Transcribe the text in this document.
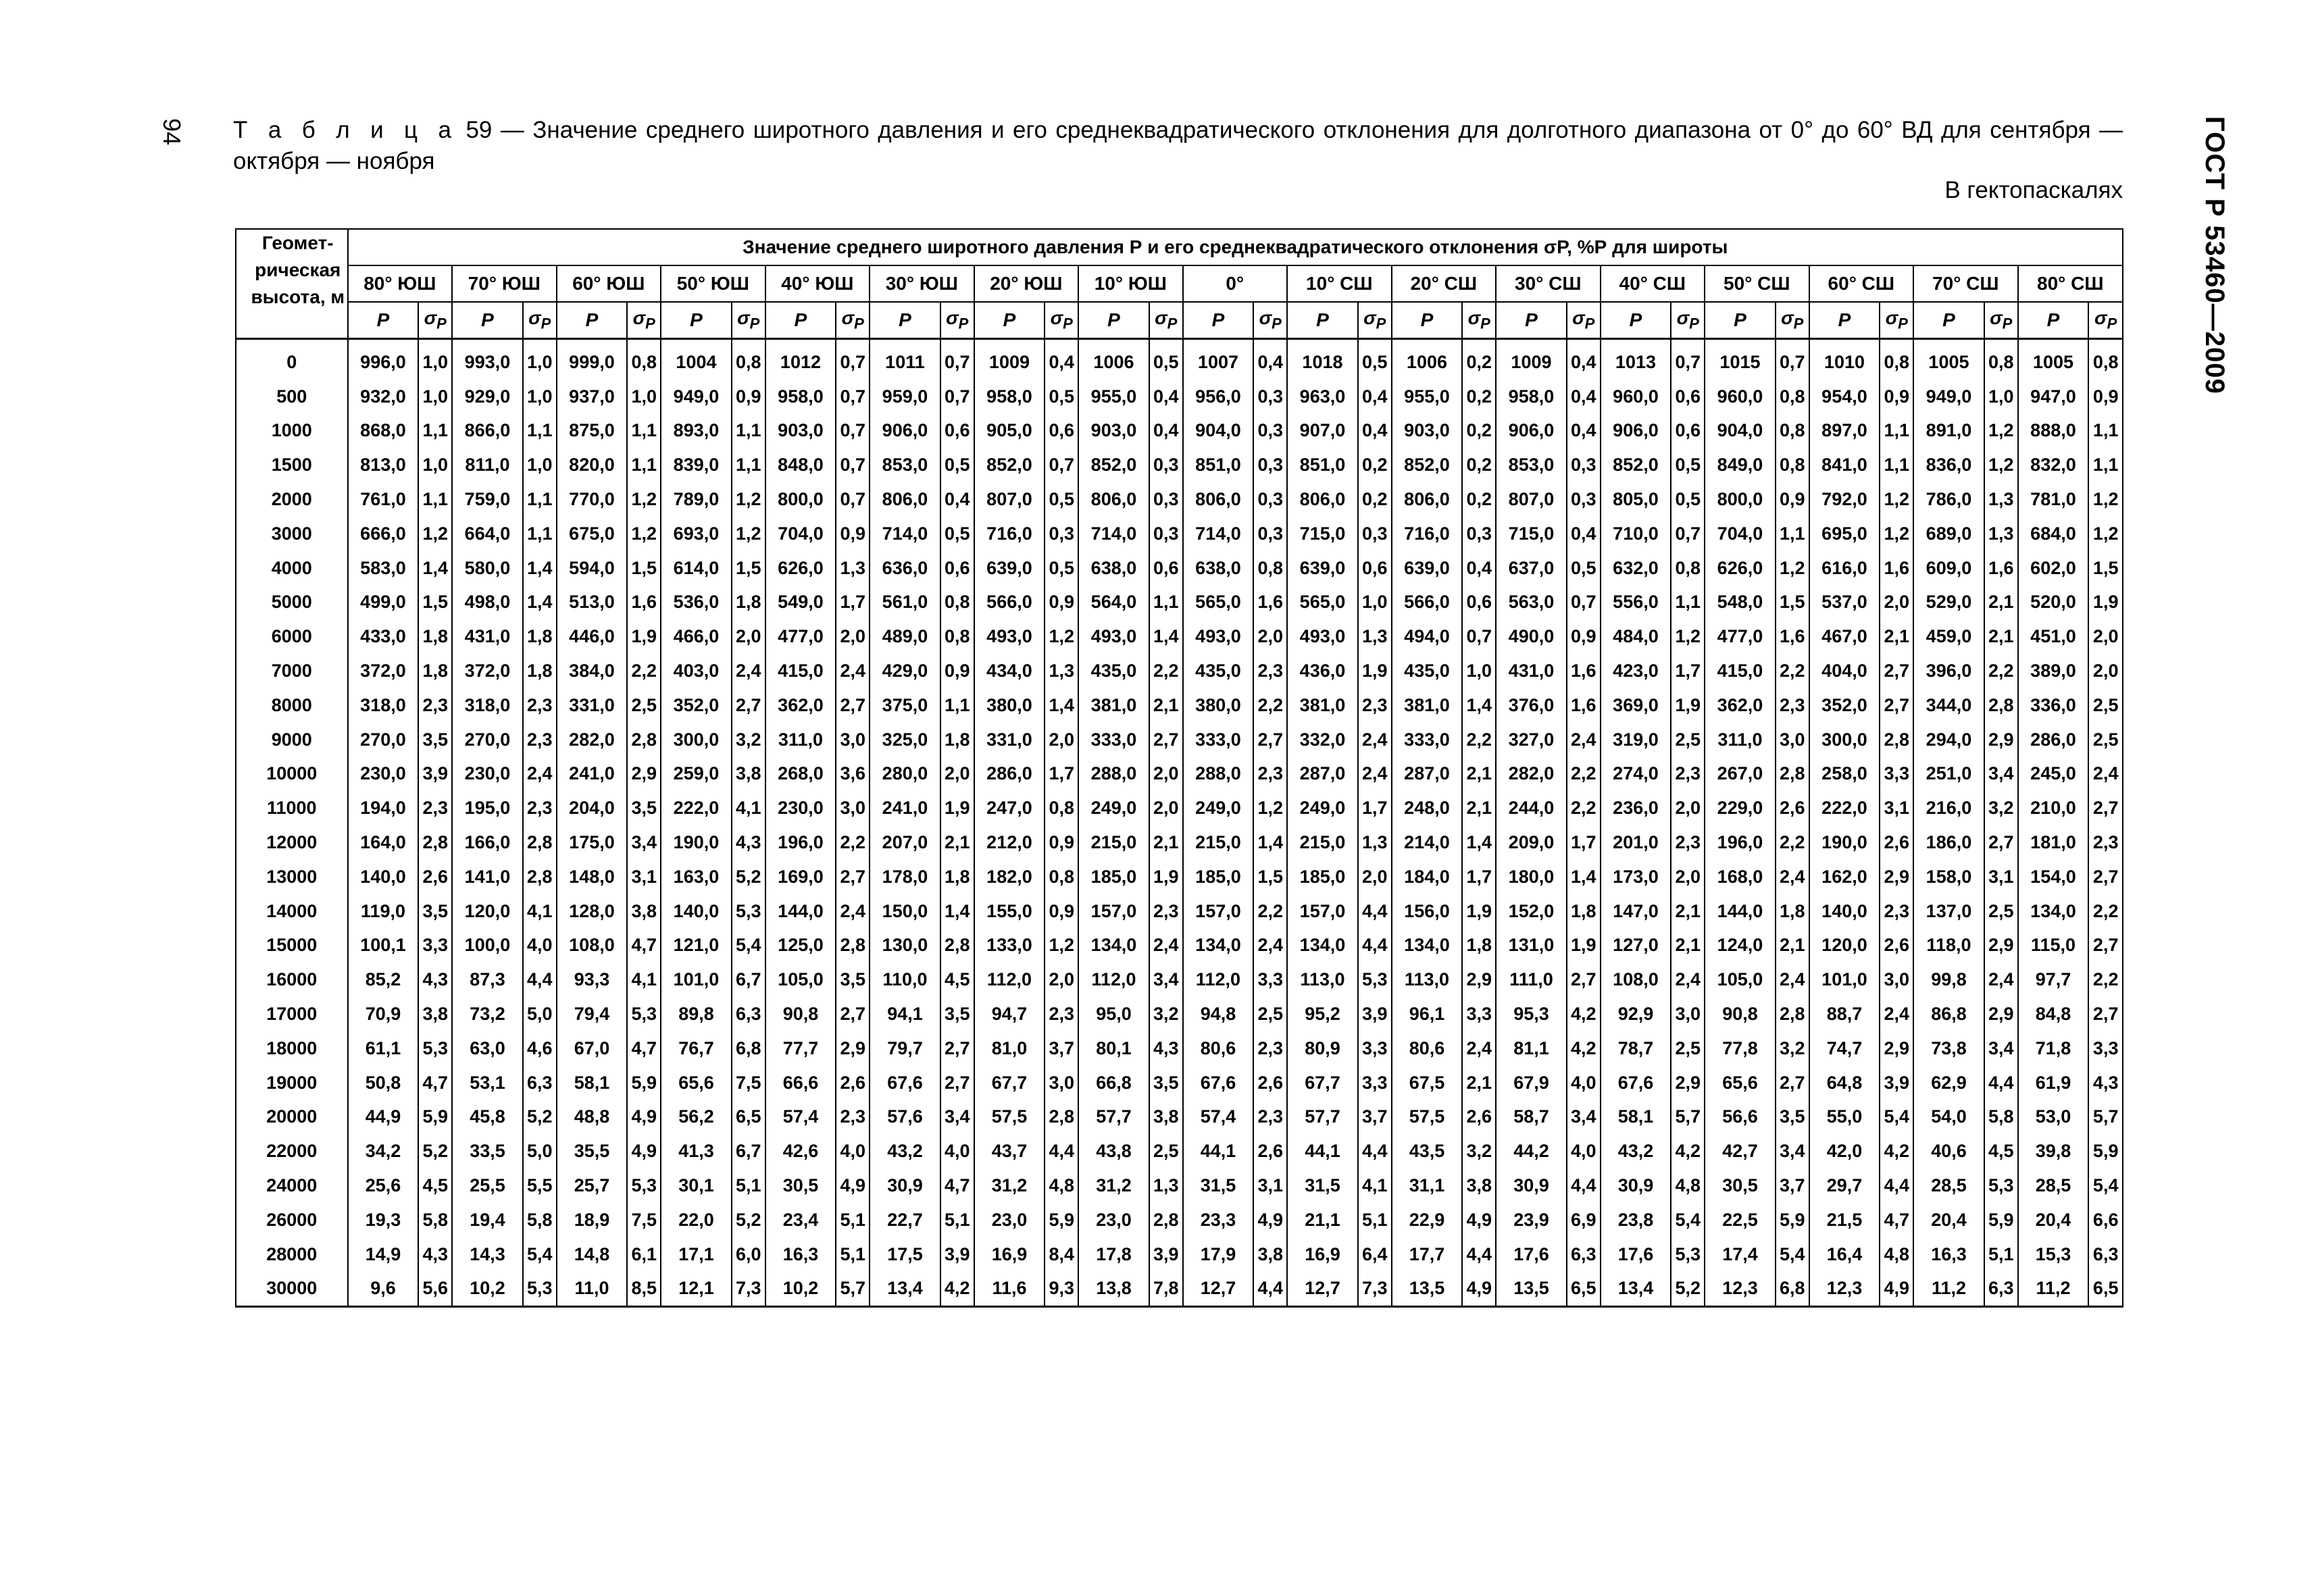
94	ГОСТ Р 53460—2009
Т а б л и ц а 59 — Значение среднего широтного давления и его среднеквадратического отклонения для долготного диапазона от 0° до 60° ВД для сентября — октября — ноября
В гектопаскалях
Геомет-
рическая
высота, м	Значение среднего широтного давления Р и его среднеквадратического отклонения σP, %Р для широты																																	
	80° ЮШ		70° ЮШ		60° ЮШ		50° ЮШ		40° ЮШ		30° ЮШ		20° ЮШ		10° ЮШ		0°		10° СШ		20° СШ		30° СШ		40° СШ		50° СШ		60° СШ		70° СШ		80° СШ	
	P	$\sigma_P$	P	$\sigma_P$	P	$\sigma_P$	P	$\sigma_P$	P	$\sigma_P$	P	$\sigma_P$	P	$\sigma_P$	P	$\sigma_P$	P	$\sigma_P$	P	$\sigma_P$	P	$\sigma_P$	P	$\sigma_P$	P	$\sigma_P$	P	$\sigma_P$	P	$\sigma_P$	P	$\sigma_P$	P	$\sigma_P$

0	996,0	1,0	993,0	1,0	999,0	0,8	1004	0,8	1012	0,7	1011	0,7	1009	0,4	1006	0,5	1007	0,4	1018	0,5	1006	0,2	1009	0,4	1013	0,7	1015	0,7	1010	0,8	1005	0,8	1005	0,8
500	932,0	1,0	929,0	1,0	937,0	1,0	949,0	0,9	958,0	0,7	959,0	0,7	958,0	0,5	955,0	0,4	956,0	0,3	963,0	0,4	955,0	0,2	958,0	0,4	960,0	0,6	960,0	0,8	954,0	0,9	949,0	1,0	947,0	0,9
1000	868,0	1,1	866,0	1,1	875,0	1,1	893,0	1,1	903,0	0,7	906,0	0,6	905,0	0,6	903,0	0,4	904,0	0,3	907,0	0,4	903,0	0,2	906,0	0,4	906,0	0,6	904,0	0,8	897,0	1,1	891,0	1,2	888,0	1,1
1500	813,0	1,0	811,0	1,0	820,0	1,1	839,0	1,1	848,0	0,7	853,0	0,5	852,0	0,7	852,0	0,3	851,0	0,3	851,0	0,2	852,0	0,2	853,0	0,3	852,0	0,5	849,0	0,8	841,0	1,1	836,0	1,2	832,0	1,1
2000	761,0	1,1	759,0	1,1	770,0	1,2	789,0	1,2	800,0	0,7	806,0	0,4	807,0	0,5	806,0	0,3	806,0	0,3	806,0	0,2	806,0	0,2	807,0	0,3	805,0	0,5	800,0	0,9	792,0	1,2	786,0	1,3	781,0	1,2
3000	666,0	1,2	664,0	1,1	675,0	1,2	693,0	1,2	704,0	0,9	714,0	0,5	716,0	0,3	714,0	0,3	714,0	0,3	715,0	0,3	716,0	0,3	715,0	0,4	710,0	0,7	704,0	1,1	695,0	1,2	689,0	1,3	684,0	1,2
4000	583,0	1,4	580,0	1,4	594,0	1,5	614,0	1,5	626,0	1,3	636,0	0,6	639,0	0,5	638,0	0,6	638,0	0,8	639,0	0,6	639,0	0,4	637,0	0,5	632,0	0,8	626,0	1,2	616,0	1,6	609,0	1,6	602,0	1,5
5000	499,0	1,5	498,0	1,4	513,0	1,6	536,0	1,8	549,0	1,7	561,0	0,8	566,0	0,9	564,0	1,1	565,0	1,6	565,0	1,0	566,0	0,6	563,0	0,7	556,0	1,1	548,0	1,5	537,0	2,0	529,0	2,1	520,0	1,9
6000	433,0	1,8	431,0	1,8	446,0	1,9	466,0	2,0	477,0	2,0	489,0	0,8	493,0	1,2	493,0	1,4	493,0	2,0	493,0	1,3	494,0	0,7	490,0	0,9	484,0	1,2	477,0	1,6	467,0	2,1	459,0	2,1	451,0	2,0
7000	372,0	1,8	372,0	1,8	384,0	2,2	403,0	2,4	415,0	2,4	429,0	0,9	434,0	1,3	435,0	2,2	435,0	2,3	436,0	1,9	435,0	1,0	431,0	1,6	423,0	1,7	415,0	2,2	404,0	2,7	396,0	2,2	389,0	2,0
8000	318,0	2,3	318,0	2,3	331,0	2,5	352,0	2,7	362,0	2,7	375,0	1,1	380,0	1,4	381,0	2,1	380,0	2,2	381,0	2,3	381,0	1,4	376,0	1,6	369,0	1,9	362,0	2,3	352,0	2,7	344,0	2,8	336,0	2,5
9000	270,0	3,5	270,0	2,3	282,0	2,8	300,0	3,2	311,0	3,0	325,0	1,8	331,0	2,0	333,0	2,7	333,0	2,7	332,0	2,4	333,0	2,2	327,0	2,4	319,0	2,5	311,0	3,0	300,0	2,8	294,0	2,9	286,0	2,5
10000	230,0	3,9	230,0	2,4	241,0	2,9	259,0	3,8	268,0	3,6	280,0	2,0	286,0	1,7	288,0	2,0	288,0	2,3	287,0	2,4	287,0	2,1	282,0	2,2	274,0	2,3	267,0	2,8	258,0	3,3	251,0	3,4	245,0	2,4
11000	194,0	2,3	195,0	2,3	204,0	3,5	222,0	4,1	230,0	3,0	241,0	1,9	247,0	0,8	249,0	2,0	249,0	1,2	249,0	1,7	248,0	2,1	244,0	2,2	236,0	2,0	229,0	2,6	222,0	3,1	216,0	3,2	210,0	2,7
12000	164,0	2,8	166,0	2,8	175,0	3,4	190,0	4,3	196,0	2,2	207,0	2,1	212,0	0,9	215,0	2,1	215,0	1,4	215,0	1,3	214,0	1,4	209,0	1,7	201,0	2,3	196,0	2,2	190,0	2,6	186,0	2,7	181,0	2,3
13000	140,0	2,6	141,0	2,8	148,0	3,1	163,0	5,2	169,0	2,7	178,0	1,8	182,0	0,8	185,0	1,9	185,0	1,5	185,0	2,0	184,0	1,7	180,0	1,4	173,0	2,0	168,0	2,4	162,0	2,9	158,0	3,1	154,0	2,7
14000	119,0	3,5	120,0	4,1	128,0	3,8	140,0	5,3	144,0	2,4	150,0	1,4	155,0	0,9	157,0	2,3	157,0	2,2	157,0	4,4	156,0	1,9	152,0	1,8	147,0	2,1	144,0	1,8	140,0	2,3	137,0	2,5	134,0	2,2
15000	100,1	3,3	100,0	4,0	108,0	4,7	121,0	5,4	125,0	2,8	130,0	2,8	133,0	1,2	134,0	2,4	134,0	2,4	134,0	4,4	134,0	1,8	131,0	1,9	127,0	2,1	124,0	2,1	120,0	2,6	118,0	2,9	115,0	2,7
16000	85,2	4,3	87,3	4,4	93,3	4,1	101,0	6,7	105,0	3,5	110,0	4,5	112,0	2,0	112,0	3,4	112,0	3,3	113,0	5,3	113,0	2,9	111,0	2,7	108,0	2,4	105,0	2,4	101,0	3,0	99,8	2,4	97,7	2,2
17000	70,9	3,8	73,2	5,0	79,4	5,3	89,8	6,3	90,8	2,7	94,1	3,5	94,7	2,3	95,0	3,2	94,8	2,5	95,2	3,9	96,1	3,3	95,3	4,2	92,9	3,0	90,8	2,8	88,7	2,4	86,8	2,9	84,8	2,7
18000	61,1	5,3	63,0	4,6	67,0	4,7	76,7	6,8	77,7	2,9	79,7	2,7	81,0	3,7	80,1	4,3	80,6	2,3	80,9	3,3	80,6	2,4	81,1	4,2	78,7	2,5	77,8	3,2	74,7	2,9	73,8	3,4	71,8	3,3
19000	50,8	4,7	53,1	6,3	58,1	5,9	65,6	7,5	66,6	2,6	67,6	2,7	67,7	3,0	66,8	3,5	67,6	2,6	67,7	3,3	67,5	2,1	67,9	4,0	67,6	2,9	65,6	2,7	64,8	3,9	62,9	4,4	61,9	4,3
20000	44,9	5,9	45,8	5,2	48,8	4,9	56,2	6,5	57,4	2,3	57,6	3,4	57,5	2,8	57,7	3,8	57,4	2,3	57,7	3,7	57,5	2,6	58,7	3,4	58,1	5,7	56,6	3,5	55,0	5,4	54,0	5,8	53,0	5,7
22000	34,2	5,2	33,5	5,0	35,5	4,9	41,3	6,7	42,6	4,0	43,2	4,0	43,7	4,4	43,8	2,5	44,1	2,6	44,1	4,4	43,5	3,2	44,2	4,0	43,2	4,2	42,7	3,4	42,0	4,2	40,6	4,5	39,8	5,9
24000	25,6	4,5	25,5	5,5	25,7	5,3	30,1	5,1	30,5	4,9	30,9	4,7	31,2	4,8	31,2	1,3	31,5	3,1	31,5	4,1	31,1	3,8	30,9	4,4	30,9	4,8	30,5	3,7	29,7	4,4	28,5	5,3	28,5	5,4
26000	19,3	5,8	19,4	5,8	18,9	7,5	22,0	5,2	23,4	5,1	22,7	5,1	23,0	5,9	23,0	2,8	23,3	4,9	21,1	5,1	22,9	4,9	23,9	6,9	23,8	5,4	22,5	5,9	21,5	4,7	20,4	5,9	20,4	6,6
28000	14,9	4,3	14,3	5,4	14,8	6,1	17,1	6,0	16,3	5,1	17,5	3,9	16,9	8,4	17,8	3,9	17,9	3,8	16,9	6,4	17,7	4,4	17,6	6,3	17,6	5,3	17,4	5,4	16,4	4,8	16,3	5,1	15,3	6,3
30000	9,6	5,6	10,2	5,3	11,0	8,5	12,1	7,3	10,2	5,7	13,4	4,2	11,6	9,3	13,8	7,8	12,7	4,4	12,7	7,3	13,5	4,9	13,5	6,5	13,4	5,2	12,3	6,8	12,3	4,9	11,2	6,3	11,2	6,5
